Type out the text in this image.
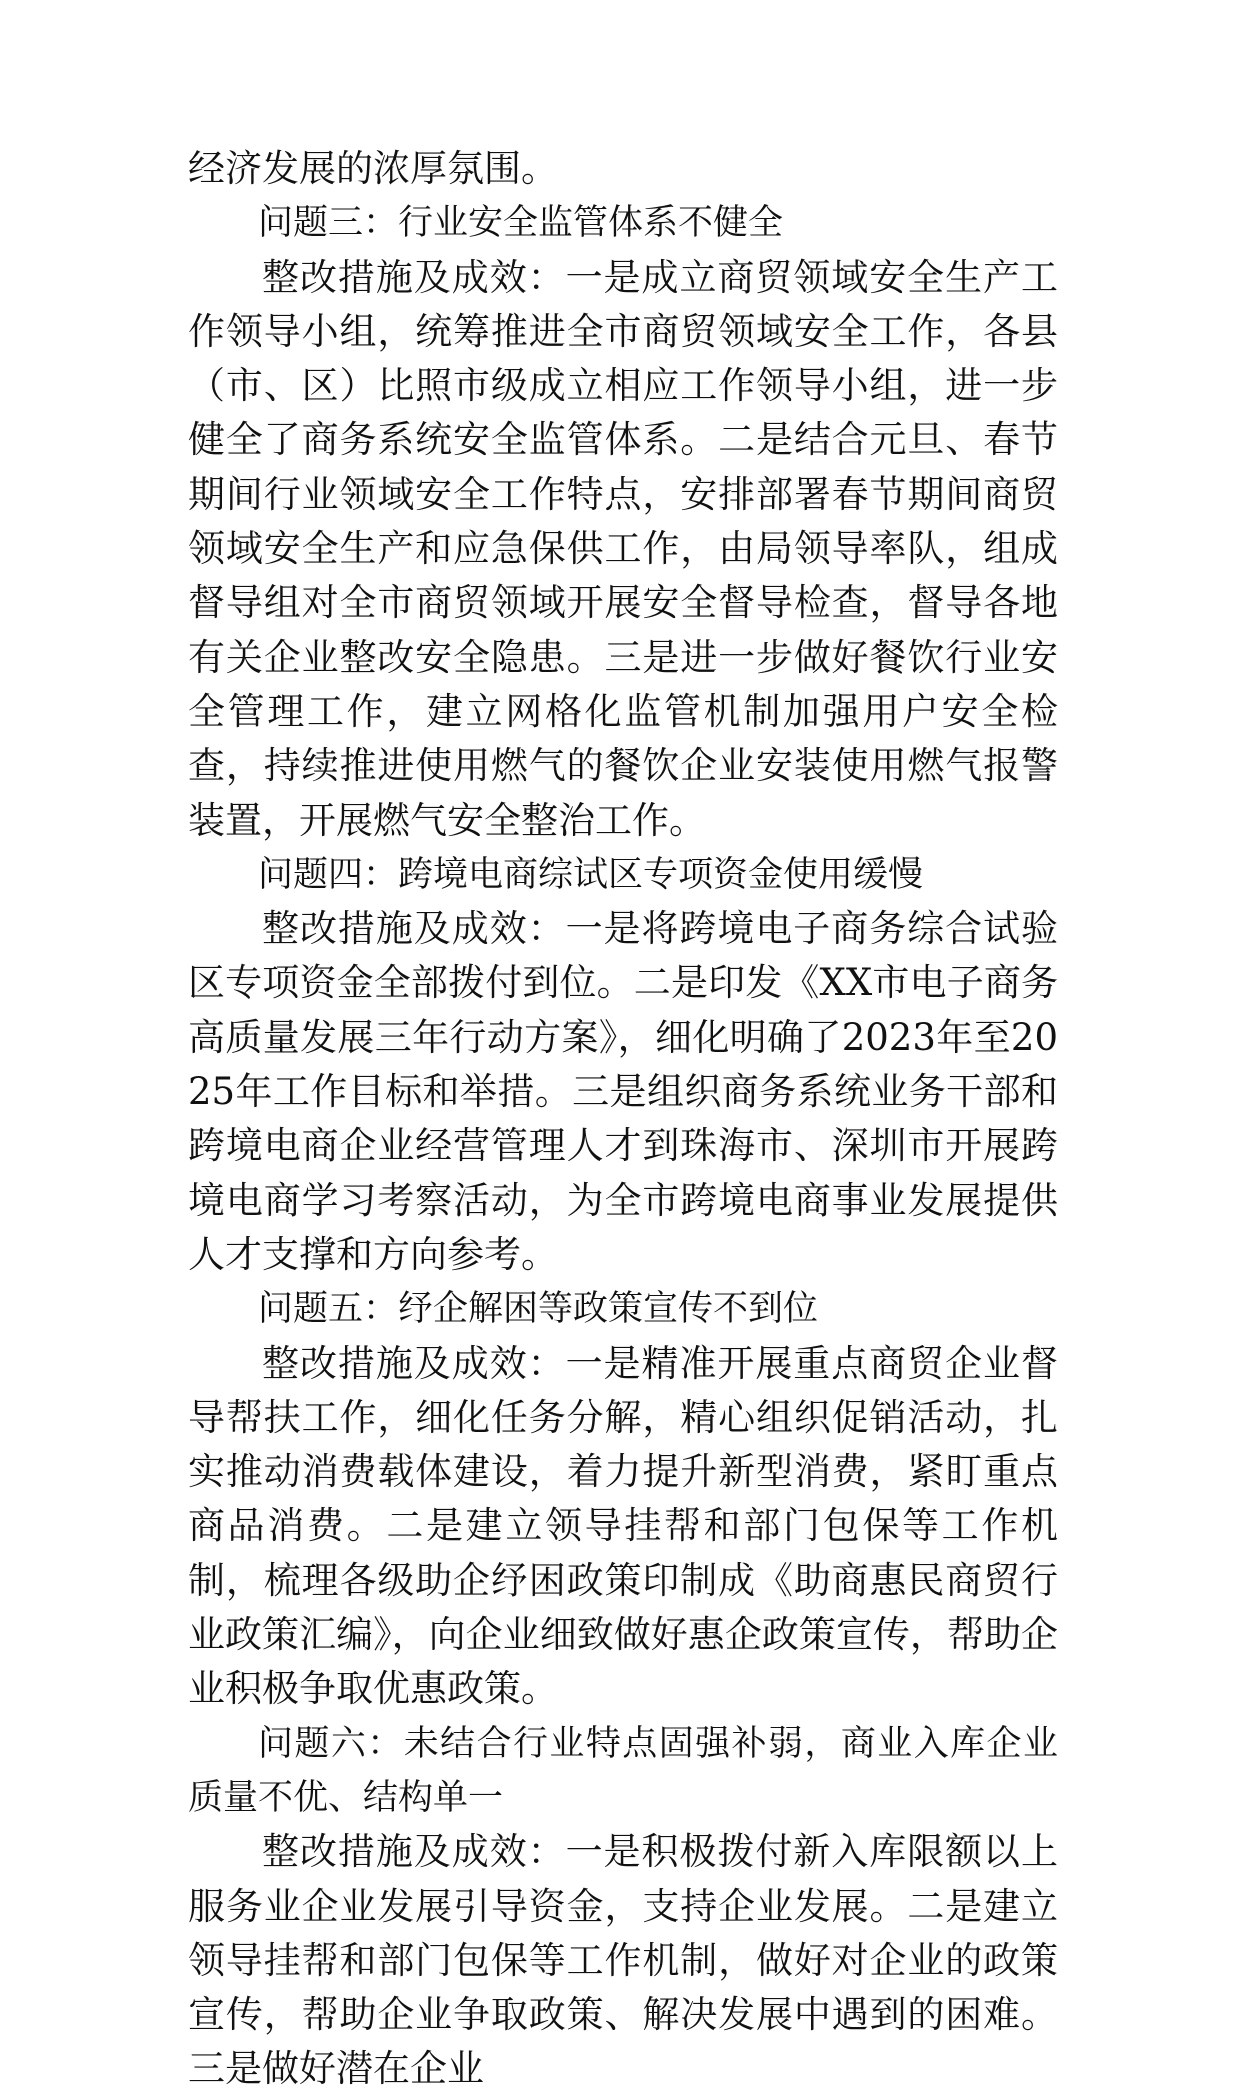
经济发展的浓厚氛围。

问题三：行业安全监管体系不健全

整改措施及成效：一是成立商贸领域安全生产工作领导小组，统筹推进全市商贸领域安全工作，各县（市、区）比照市级成立相应工作领导小组，进一步健全了商务系统安全监管体系。二是结合元旦、春节期间行业领域安全工作特点，安排部署春节期间商贸领域安全生产和应急保供工作，由局领导率队，组成督导组对全市商贸领域开展安全督导检查，督导各地有关企业整改安全隐患。三是进一步做好餐饮行业安全管理工作，建立网格化监管机制加强用户安全检查，持续推进使用燃气的餐饮企业安装使用燃气报警装置，开展燃气安全整治工作。

问题四：跨境电商综试区专项资金使用缓慢

整改措施及成效：一是将跨境电子商务综合试验区专项资金全部拨付到位。二是印发《XX市电子商务高质量发展三年行动方案》，细化明确了2023年至2025年工作目标和举措。三是组织商务系统业务干部和跨境电商企业经营管理人才到珠海市、深圳市开展跨境电商学习考察活动，为全市跨境电商事业发展提供人才支撑和方向参考。

问题五：纾企解困等政策宣传不到位

整改措施及成效：一是精准开展重点商贸企业督导帮扶工作，细化任务分解，精心组织促销活动，扎实推动消费载体建设，着力提升新型消费，紧盯重点商品消费。二是建立领导挂帮和部门包保等工作机制，梳理各级助企纾困政策印制成《助商惠民商贸行业政策汇编》，向企业细致做好惠企政策宣传，帮助企业积极争取优惠政策。

问题六：未结合行业特点固强补弱，商业入库企业质量不优、结构单一

整改措施及成效：一是积极拨付新入库限额以上服务业企业发展引导资金，支持企业发展。二是建立领导挂帮和部门包保等工作机制，做好对企业的政策宣传，帮助企业争取政策、解决发展中遇到的困难。三是做好潜在企业
